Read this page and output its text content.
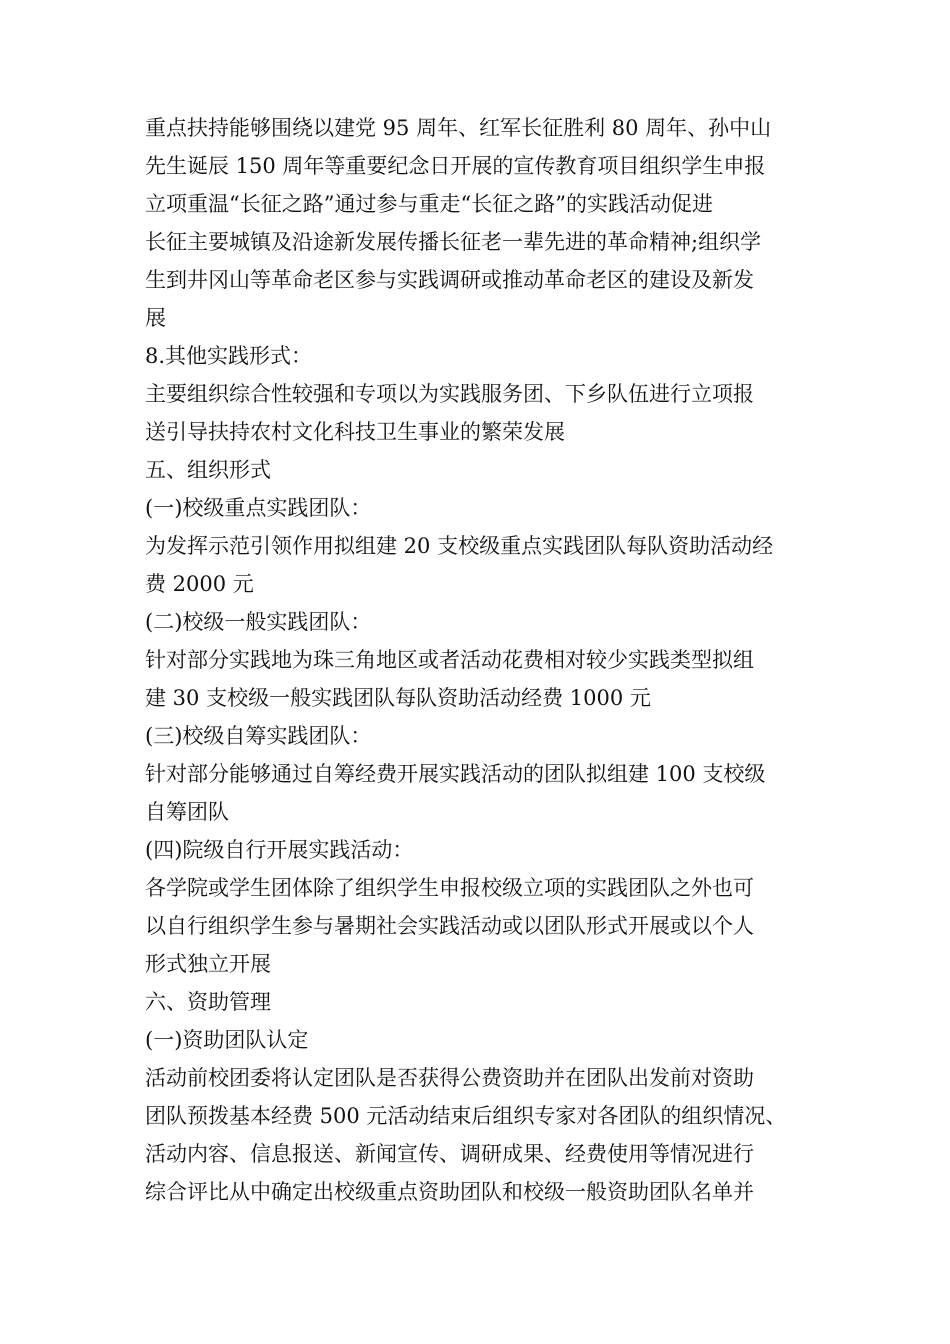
重点扶持能够围绕以建党 95 周年、红军长征胜利 80 周年、孙中山
先生诞辰 150 周年等重要纪念日开展的宣传教育项目组织学生申报
立项重温“长征之路”通过参与重走“长征之路”的实践活动促进
长征主要城镇及沿途新发展传播长征老一辈先进的革命精神;组织学
生到井冈山等革命老区参与实践调研或推动革命老区的建设及新发
展
8.其他实践形式：
主要组织综合性较强和专项以为实践服务团、下乡队伍进行立项报
送引导扶持农村文化科技卫生事业的繁荣发展
五、组织形式
(一)校级重点实践团队：
为发挥示范引领作用拟组建 20 支校级重点实践团队每队资助活动经
费 2000 元
(二)校级一般实践团队：
针对部分实践地为珠三角地区或者活动花费相对较少实践类型拟组
建 30 支校级一般实践团队每队资助活动经费 1000 元
(三)校级自筹实践团队：
针对部分能够通过自筹经费开展实践活动的团队拟组建 100 支校级
自筹团队
(四)院级自行开展实践活动：
各学院或学生团体除了组织学生申报校级立项的实践团队之外也可
以自行组织学生参与暑期社会实践活动或以团队形式开展或以个人
形式独立开展
六、资助管理
(一)资助团队认定
活动前校团委将认定团队是否获得公费资助并在团队出发前对资助
团队预拨基本经费 500 元活动结束后组织专家对各团队的组织情况、
活动内容、信息报送、新闻宣传、调研成果、经费使用等情况进行
综合评比从中确定出校级重点资助团队和校级一般资助团队名单并
